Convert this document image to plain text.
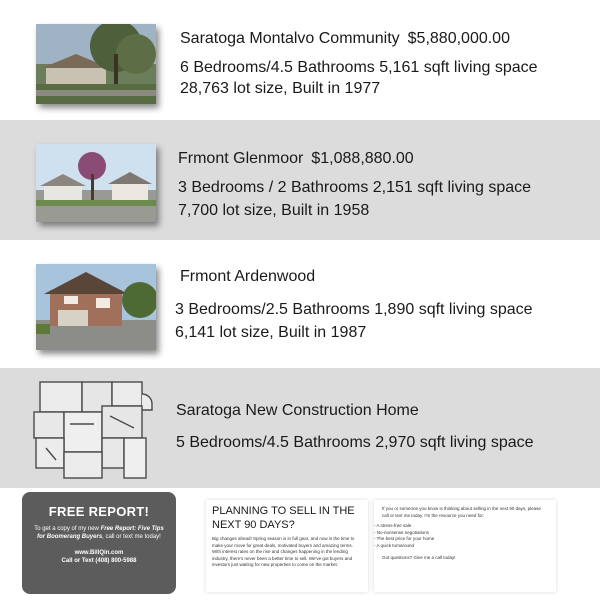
Saratoga Montalvo Community $5,880,000.00
6 Bedrooms/4.5 Bathrooms 5,161 sqft living space
28,763 lot size, Built in 1977
Frmont Glenmoor $1,088,880.00
3 Bedrooms / 2 Bathrooms 2,151 sqft living space
7,700 lot size, Built in 1958
Frmont Ardenwood
3 Bedrooms/2.5 Bathrooms 1,890 sqft living space
6,141 lot size, Built in 1987
Saratoga New Construction Home
5 Bedrooms/4.5 Bathrooms 2,970 sqft living space
FREE REPORT!
To get a copy of my new Free Report: Five Tips for Boomerang Buyers, call or text me today!
www.BillQin.com
Call or Text (408) 800-5988
PLANNING TO SELL IN THE NEXT 90 DAYS?
Big changes ahead! Spring season is in full gear, and now is the time to make your move for great deals, motivated buyers and amazing terms. With interest rates on the rise and changes happening in the lending industry, there's never been a better time to sell. We've got buyers and investors just waiting for new properties to come on the market.
If you or someone you know is thinking about selling in the next 90 days, please call or text me today. I'm the resource you need for:
- A stress-free sale
- No-nonsense negotiations
- The best price for your home
- A quick turnaround
Got questions? Give me a call today!
